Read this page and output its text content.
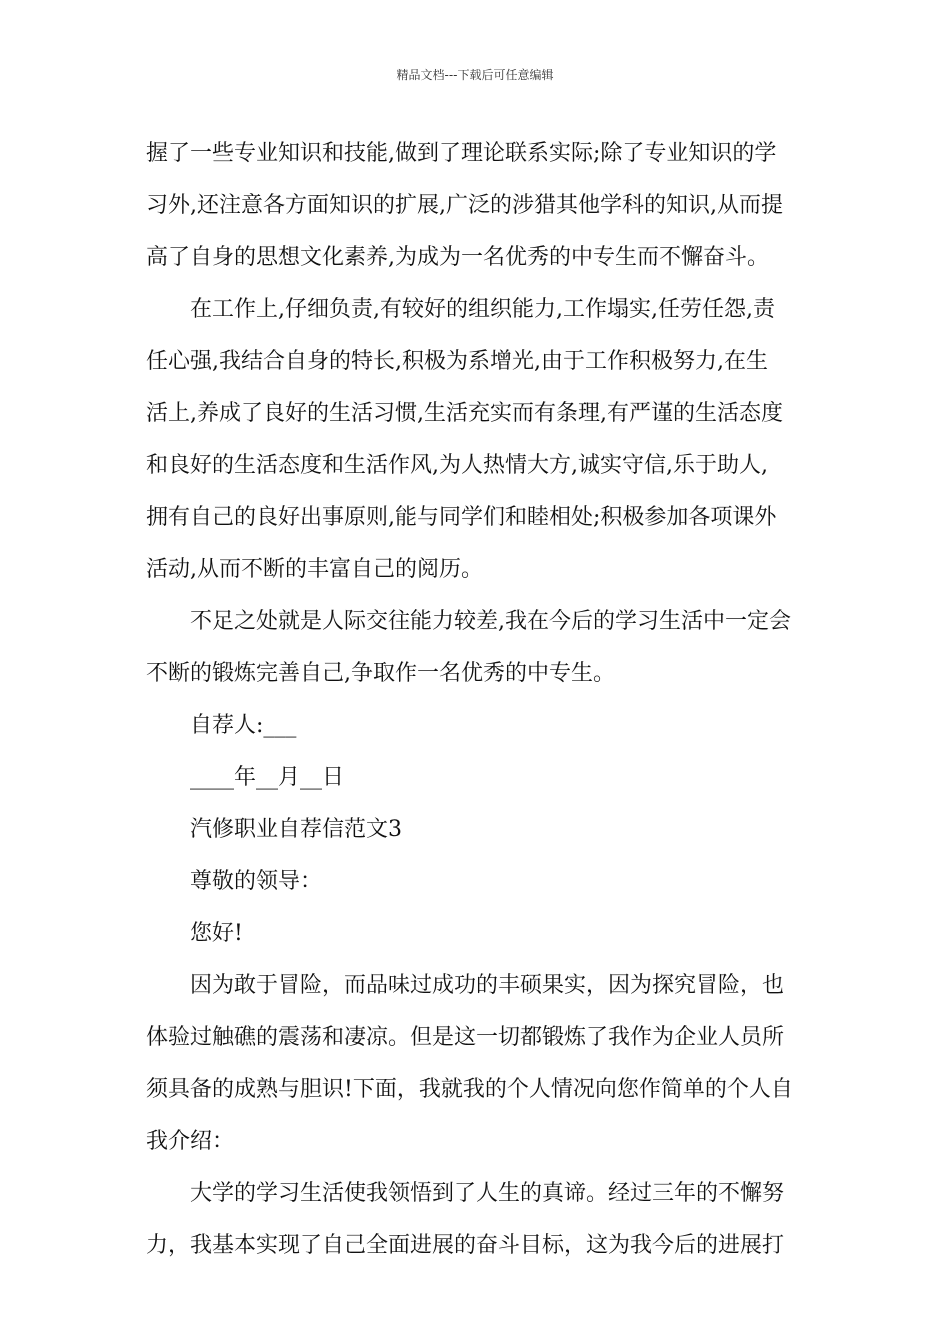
精品文档---下载后可任意编辑
握了一些专业知识和技能,做到了理论联系实际;除了专业知识的学
习外,还注意各方面知识的扩展,广泛的涉猎其他学科的知识,从而提
高了自身的思想文化素养,为成为一名优秀的中专生而不懈奋斗。
在工作上,仔细负责,有较好的组织能力,工作塌实,任劳任怨,责
任心强,我结合自身的特长,积极为系增光,由于工作积极努力,在生
活上,养成了良好的生活习惯,生活充实而有条理,有严谨的生活态度
和良好的生活态度和生活作风,为人热情大方,诚实守信,乐于助人,
拥有自己的良好出事原则,能与同学们和睦相处;积极参加各项课外
活动,从而不断的丰富自己的阅历。
不足之处就是人际交往能力较差,我在今后的学习生活中一定会
不断的锻炼完善自己,争取作一名优秀的中专生。
自荐人:___
____年__月__日
汽修职业自荐信范文3
尊敬的领导：
您好!
因为敢于冒险，而品味过成功的丰硕果实，因为探究冒险，也
体验过触礁的震荡和凄凉。但是这一切都锻炼了我作为企业人员所
须具备的成熟与胆识!下面，我就我的个人情况向您作简单的个人自
我介绍：
大学的学习生活使我领悟到了人生的真谛。经过三年的不懈努
力，我基本实现了自己全面进展的奋斗目标，这为我今后的进展打
